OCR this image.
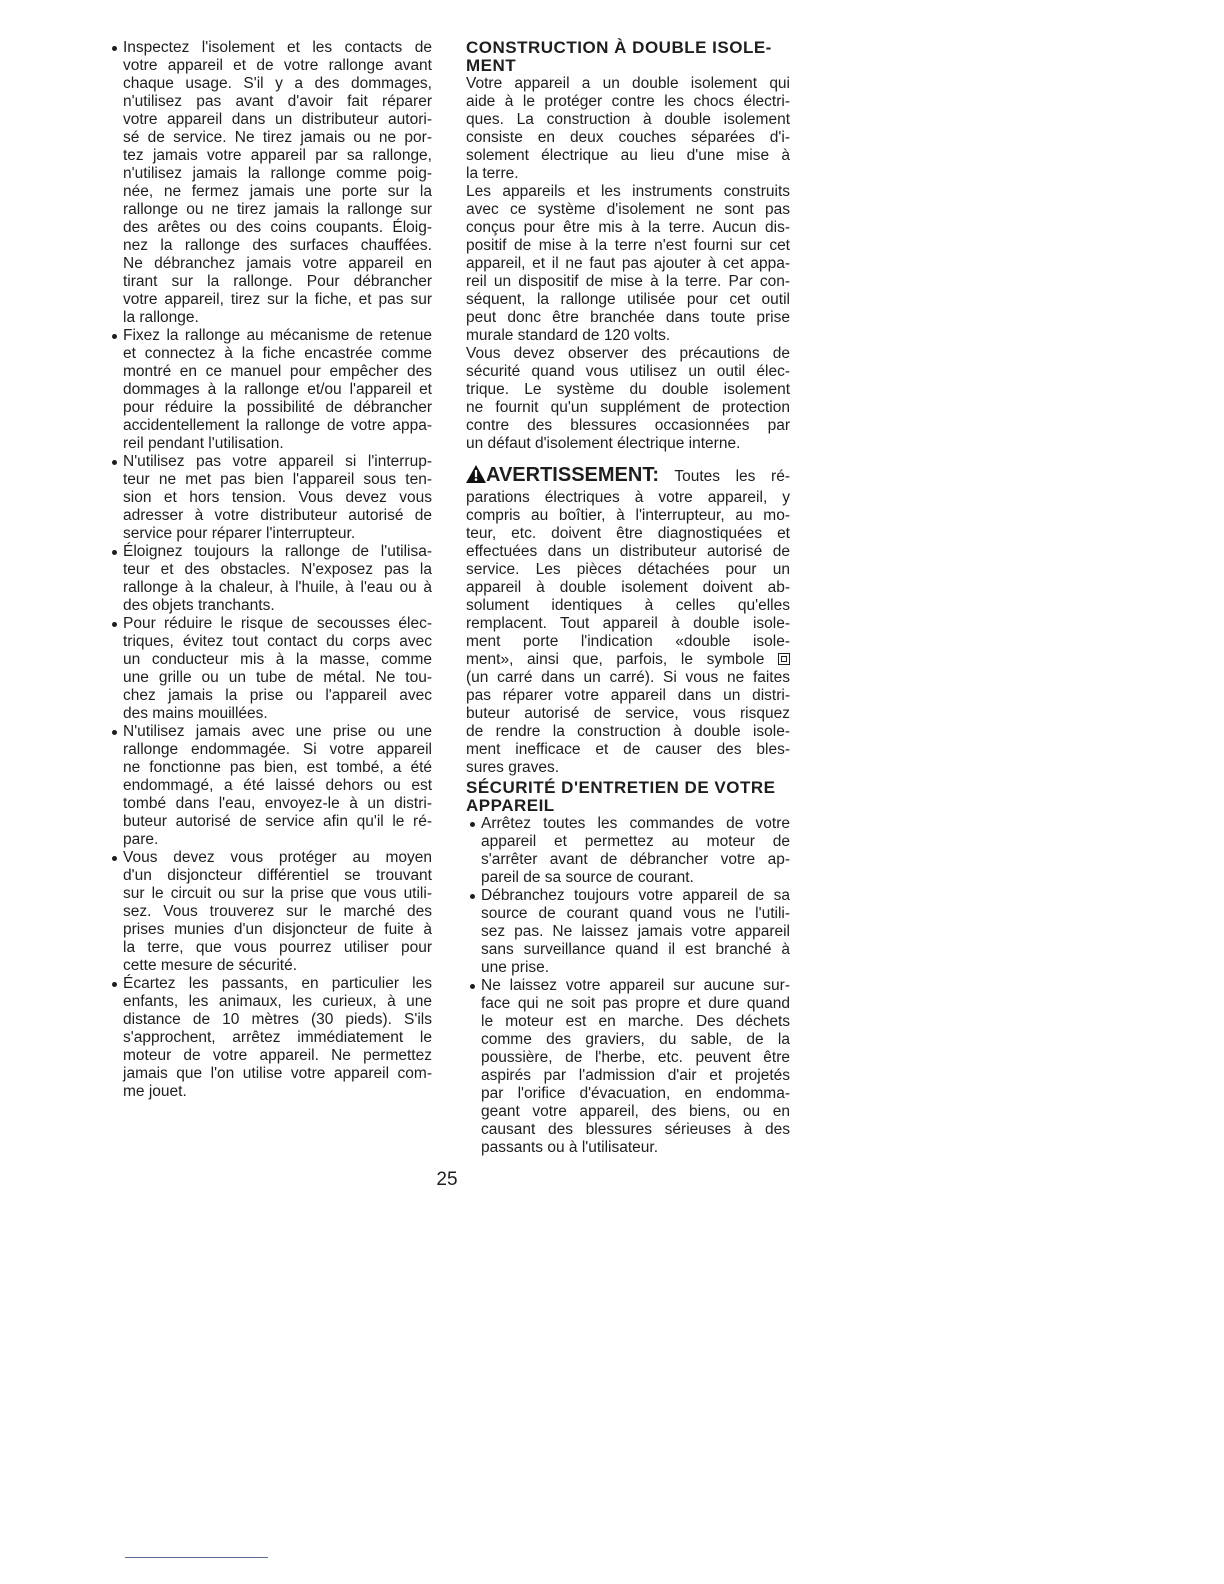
Inspectez l'isolement et les contacts de
votre appareil et de votre rallonge avant
chaque usage. S'il y a des dommages,
n'utilisez pas avant d'avoir fait réparer
votre appareil dans un distributeur autori-
sé de service. Ne tirez jamais ou ne por-
tez jamais votre appareil par sa rallonge,
n'utilisez jamais la rallonge comme poig-
née, ne fermez jamais une porte sur la
rallonge ou ne tirez jamais la rallonge sur
des arêtes ou des coins coupants. Éloig-
nez la rallonge des surfaces chauffées.
Ne débranchez jamais votre appareil en
tirant sur la rallonge. Pour débrancher
votre appareil, tirez sur la fiche, et pas sur
la rallonge.
Fixez la rallonge au mécanisme de retenue
et connectez à la fiche encastrée comme
montré en ce manuel pour empêcher des
dommages à la rallonge et/ou l'appareil et
pour réduire la possibilité de débrancher
accidentellement la rallonge de votre appa-
reil pendant l'utilisation.
N'utilisez pas votre appareil si l'interrup-
teur ne met pas bien l'appareil sous ten-
sion et hors tension. Vous devez vous
adresser à votre distributeur autorisé de
service pour réparer l'interrupteur.
Éloignez toujours la rallonge de l'utilisa-
teur et des obstacles. N'exposez pas la
rallonge à la chaleur, à l'huile, à l'eau ou à
des objets tranchants.
Pour réduire le risque de secousses élec-
triques, évitez tout contact du corps avec
un conducteur mis à la masse, comme
une grille ou un tube de métal. Ne tou-
chez jamais la prise ou l'appareil avec
des mains mouillées.
N'utilisez jamais avec une prise ou une
rallonge endommagée. Si votre appareil
ne fonctionne pas bien, est tombé, a été
endommagé, a été laissé dehors ou est
tombé dans l'eau, envoyez-le à un distri-
buteur autorisé de service afin qu'il le ré-
pare.
Vous devez vous protéger au moyen
d'un disjoncteur différentiel se trouvant
sur le circuit ou sur la prise que vous utili-
sez. Vous trouverez sur le marché des
prises munies d'un disjoncteur de fuite à
la terre, que vous pourrez utiliser pour
cette mesure de sécurité.
Écartez les passants, en particulier les
enfants, les animaux, les curieux, à une
distance de 10 mètres (30 pieds). S'ils
s'approchent, arrêtez immédiatement le
moteur de votre appareil. Ne permettez
jamais que l'on utilise votre appareil com-
me jouet.
CONSTRUCTION À DOUBLE ISOLE-
MENT
Votre appareil a un double isolement qui
aide à le protéger contre les chocs électri-
ques. La construction à double isolement
consiste en deux couches séparées d'i-
solement électrique au lieu d'une mise à
la terre.
Les appareils et les instruments construits
avec ce système d'isolement ne sont pas
conçus pour être mis à la terre. Aucun dis-
positif de mise à la terre n'est fourni sur cet
appareil, et il ne faut pas ajouter à cet appa-
reil un dispositif de mise à la terre. Par con-
séquent, la rallonge utilisée pour cet outil
peut donc être branchée dans toute prise
murale standard de 120 volts.
Vous devez observer des précautions de
sécurité quand vous utilisez un outil élec-
trique. Le système du double isolement
ne fournit qu'un supplément de protection
contre des blessures occasionnées par
un défaut d'isolement électrique interne.
AVERTISSEMENT: Toutes les ré-
parations électriques à votre appareil, y
compris au boîtier, à l'interrupteur, au mo-
teur, etc. doivent être diagnostiquées et
effectuées dans un distributeur autorisé de
service. Les pièces détachées pour un
appareil à double isolement doivent ab-
solument identiques à celles qu'elles
remplacent. Tout appareil à double isole-
ment porte l'indication «double isole-
ment», ainsi que, parfois, le symbole
(un carré dans un carré). Si vous ne faites
pas réparer votre appareil dans un distri-
buteur autorisé de service, vous risquez
de rendre la construction à double isole-
ment inefficace et de causer des bles-
sures graves.
SÉCURITÉ D'ENTRETIEN DE VOTRE
APPAREIL
Arrêtez toutes les commandes de votre
appareil et permettez au moteur de
s'arrêter avant de débrancher votre ap-
pareil de sa source de courant.
Débranchez toujours votre appareil de sa
source de courant quand vous ne l'utili-
sez pas. Ne laissez jamais votre appareil
sans surveillance quand il est branché à
une prise.
Ne laissez votre appareil sur aucune sur-
face qui ne soit pas propre et dure quand
le moteur est en marche. Des déchets
comme des graviers, du sable, de la
poussière, de l'herbe, etc. peuvent être
aspirés par l'admission d'air et projetés
par l'orifice d'évacuation, en endomma-
geant votre appareil, des biens, ou en
causant des blessures sérieuses à des
passants ou à l'utilisateur.
25
